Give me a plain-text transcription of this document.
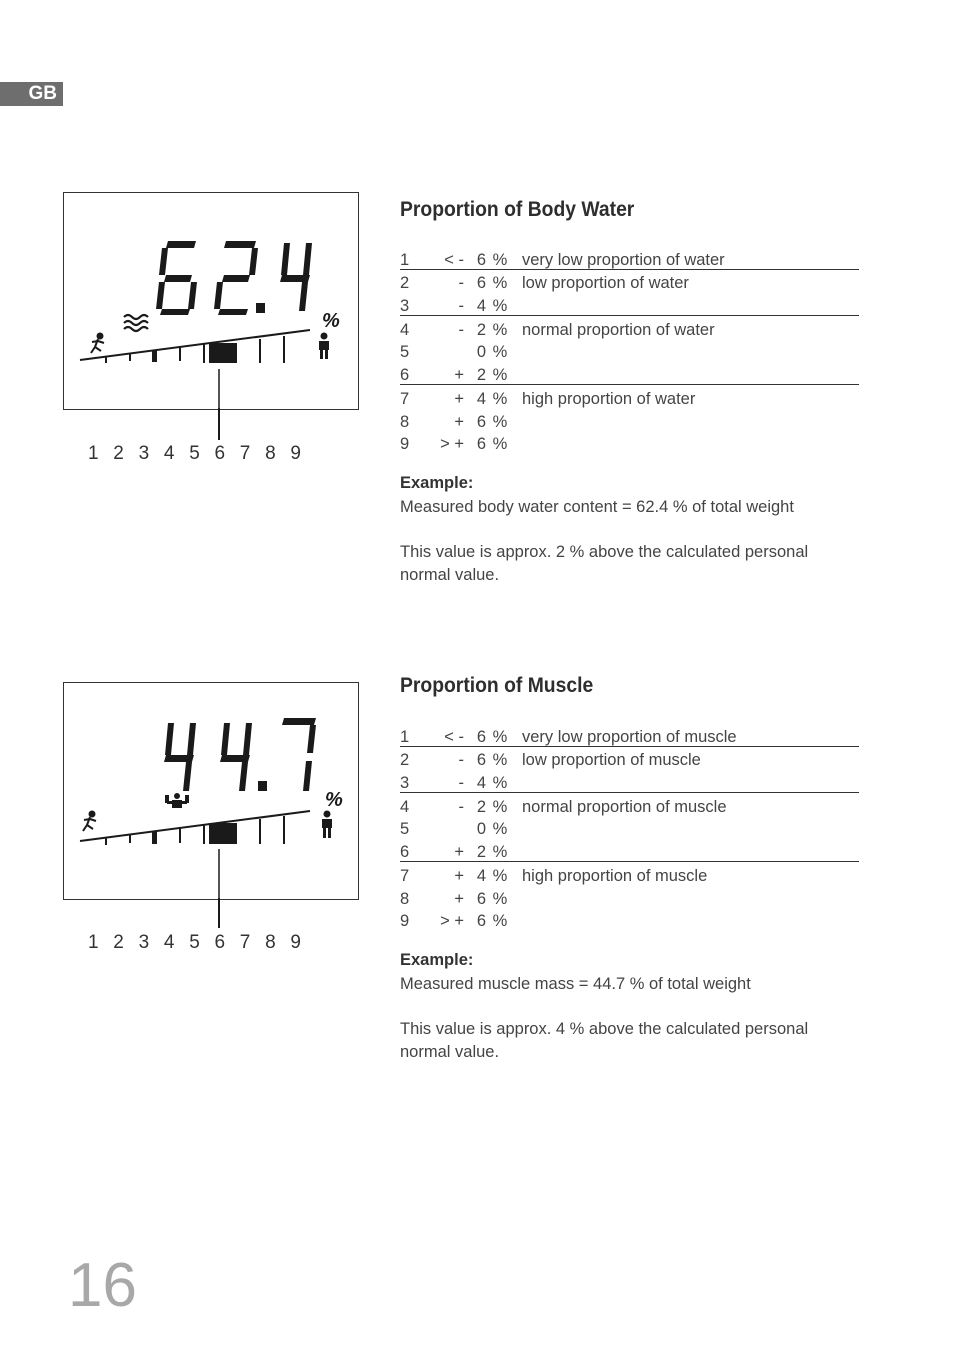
GB
%
1 2 3 4 5 6 7 8 9
Proportion of Body Water
1	< -	6	%	very low proportion of water
2	-	6	%	low proportion of water
3	-	4	%	
4	-	2	%	normal proportion of water
5		0	%	
6	+	2	%	
7	+	4	%	high proportion of water
8	+	6	%	
9	> +	6	%	
Example:
Measured body water content = 62.4 % of total weight
This value is approx. 2 % above the calculated personal normal value.
%
1 2 3 4 5 6 7 8 9
Proportion of Muscle
1	< -	6	%	very low proportion of muscle
2	-	6	%	low proportion of muscle
3	-	4	%	
4	-	2	%	normal proportion of muscle
5		0	%	
6	+	2	%	
7	+	4	%	high proportion of muscle
8	+	6	%	
9	> +	6	%	
Example:
Measured muscle mass = 44.7 % of total weight
This value is approx. 4 % above the calculated personal normal value.
16
